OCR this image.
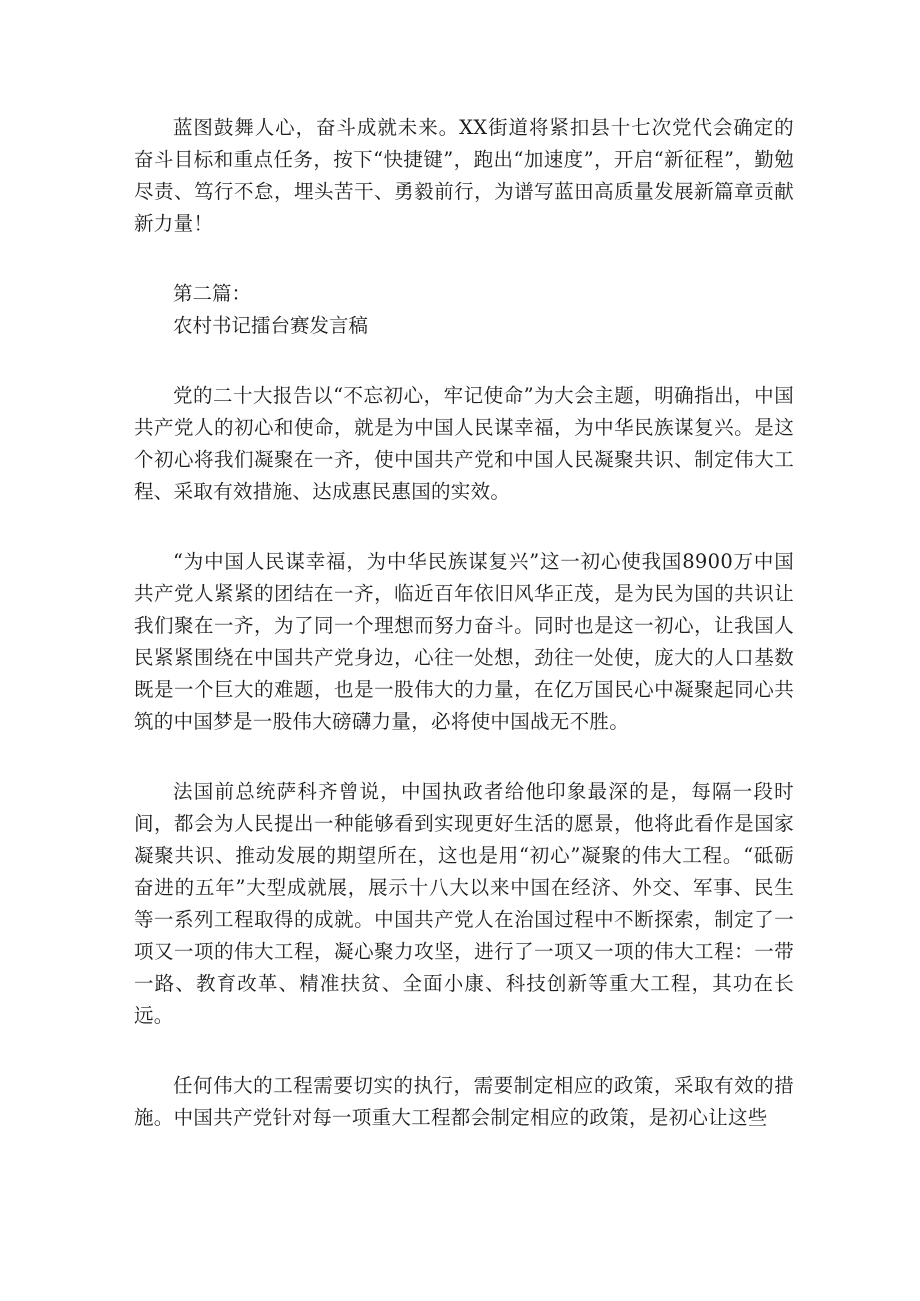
蓝图鼓舞人心，奋斗成就未来。XX街道将紧扣县十七次党代会确定的奋斗目标和重点任务，按下“快捷键”，跑出“加速度”，开启“新征程”，勤勉尽责、笃行不怠，埋头苦干、勇毅前行，为谱写蓝田高质量发展新篇章贡献新力量！

第二篇：

农村书记擂台赛发言稿

党的二十大报告以“不忘初心，牢记使命”为大会主题，明确指出，中国共产党人的初心和使命，就是为中国人民谋幸福，为中华民族谋复兴。是这个初心将我们凝聚在一齐，使中国共产党和中国人民凝聚共识、制定伟大工程、采取有效措施、达成惠民惠国的实效。

“为中国人民谋幸福，为中华民族谋复兴”这一初心使我国8900万中国共产党人紧紧的团结在一齐，临近百年依旧风华正茂，是为民为国的共识让我们聚在一齐，为了同一个理想而努力奋斗。同时也是这一初心，让我国人民紧紧围绕在中国共产党身边，心往一处想，劲往一处使，庞大的人口基数既是一个巨大的难题，也是一股伟大的力量，在亿万国民心中凝聚起同心共筑的中国梦是一股伟大磅礴力量，必将使中国战无不胜。

法国前总统萨科齐曾说，中国执政者给他印象最深的是，每隔一段时间，都会为人民提出一种能够看到实现更好生活的愿景，他将此看作是国家凝聚共识、推动发展的期望所在，这也是用“初心”凝聚的伟大工程。“砥砺奋进的五年”大型成就展，展示十八大以来中国在经济、外交、军事、民生等一系列工程取得的成就。中国共产党人在治国过程中不断探索，制定了一项又一项的伟大工程，凝心聚力攻坚，进行了一项又一项的伟大工程：一带一路、教育改革、精准扶贫、全面小康、科技创新等重大工程，其功在长远。

任何伟大的工程需要切实的执行，需要制定相应的政策，采取有效的措施。中国共产党针对每一项重大工程都会制定相应的政策，是初心让这些
